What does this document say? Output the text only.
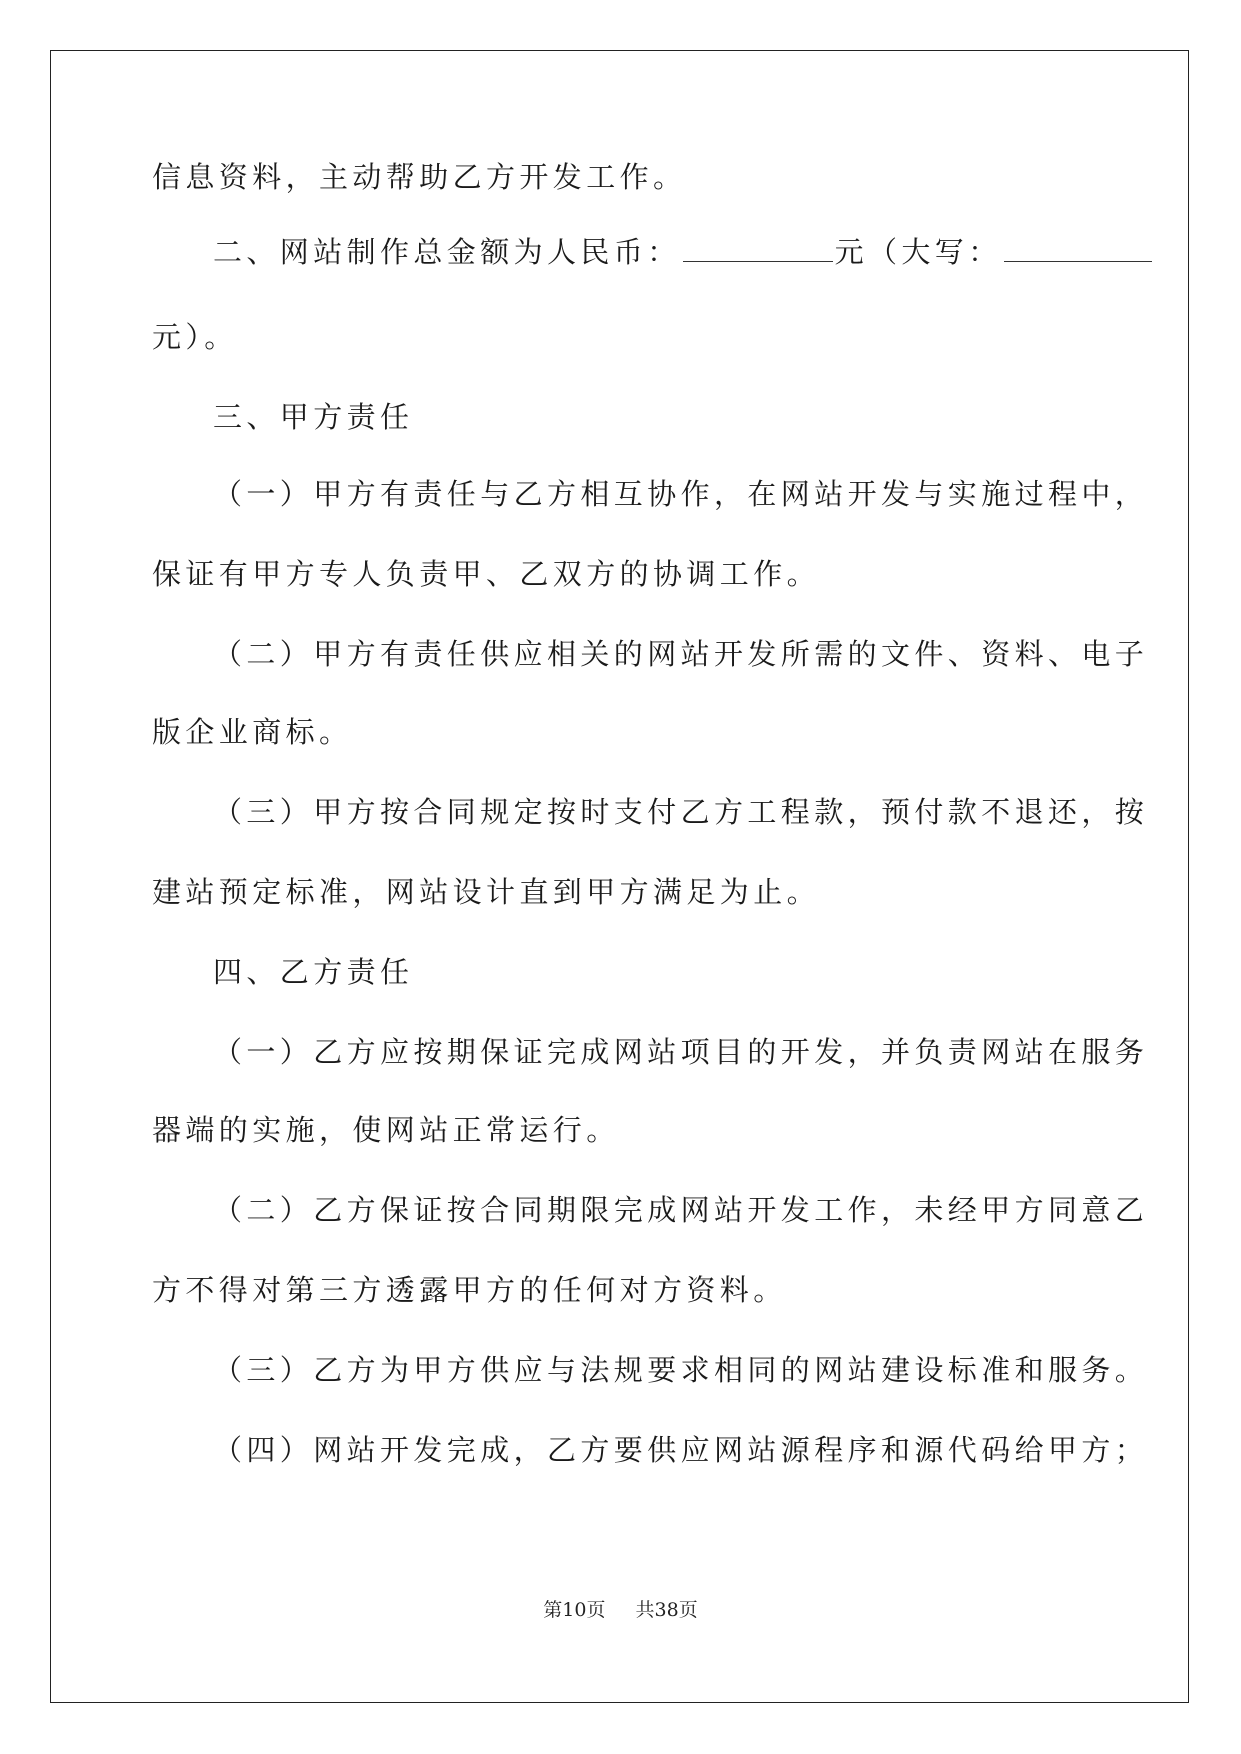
信息资料，主动帮助乙方开发工作。
二、网站制作总金额为人民币：	元（大写：
元）。
三、甲方责任
（一）甲方有责任与乙方相互协作，在网站开发与实施过程中，
保证有甲方专人负责甲、乙双方的协调工作。
（二）甲方有责任供应相关的网站开发所需的文件、资料、电子
版企业商标。
（三）甲方按合同规定按时支付乙方工程款，预付款不退还，按
建站预定标准，网站设计直到甲方满足为止。
四、乙方责任
（一）乙方应按期保证完成网站项目的开发，并负责网站在服务
器端的实施，使网站正常运行。
（二）乙方保证按合同期限完成网站开发工作，未经甲方同意乙
方不得对第三方透露甲方的任何对方资料。
（三）乙方为甲方供应与法规要求相同的网站建设标准和服务。
（四）网站开发完成，乙方要供应网站源程序和源代码给甲方；
第10页 共38页
